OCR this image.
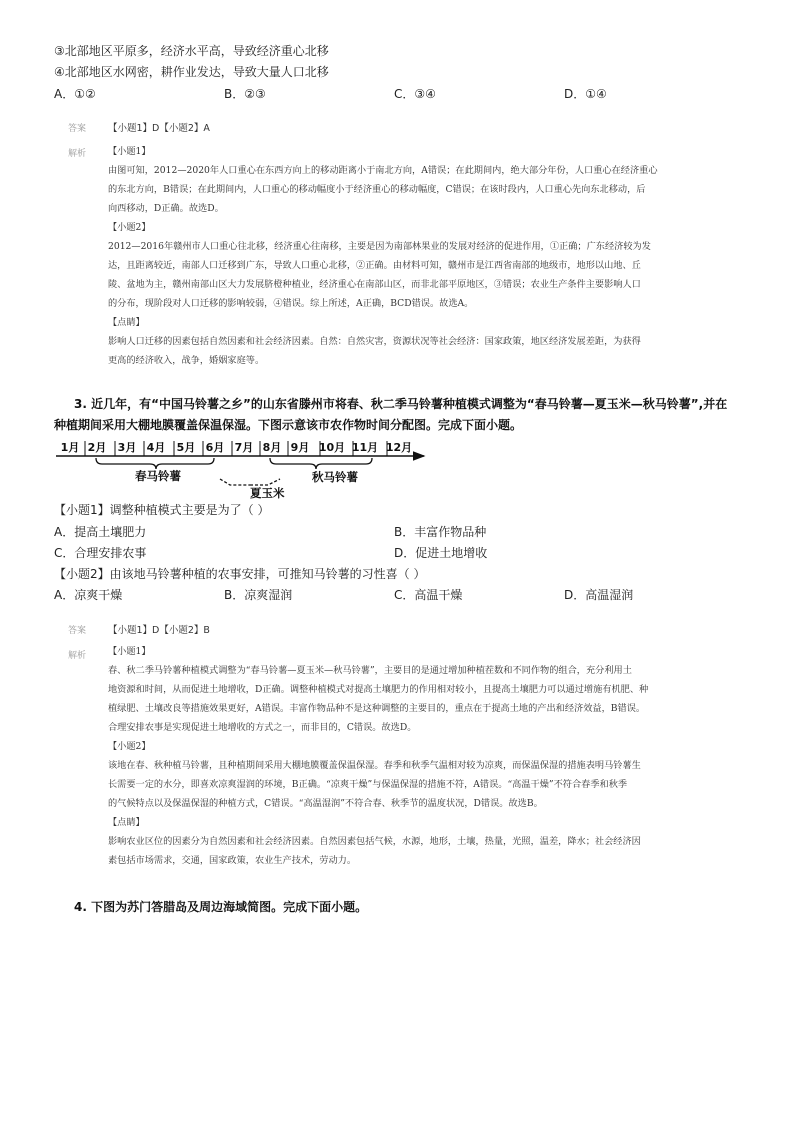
③北部地区平原多，经济水平高，导致经济重心北移
④北部地区水网密，耕作业发达，导致大量人口北移
A．①②	B．②③	C．③④	D．①④
答案 【小题1】D【小题2】A
解析 【小题1】

由图可知，2012—2020年人口重心在东西方向上的移动距离小于南北方向，A错误；在此期间内，绝大部分年份，人口重心在经济重心

的东北方向，B错误；在此期间内，人口重心的移动幅度小于经济重心的移动幅度，C错误；在该时段内，人口重心先向东北移动，后

向西移动，D正确。故选D。

【小题2】

2012—2016年赣州市人口重心往北移，经济重心往南移，主要是因为南部林果业的发展对经济的促进作用，①正确；广东经济较为发

达，且距离较近，南部人口迁移到广东，导致人口重心北移，②正确。由材料可知，赣州市是江西省南部的地级市，地形以山地、丘

陵、盆地为主，赣州南部山区大力发展脐橙种植业，经济重心在南部山区，而非北部平原地区，③错误；农业生产条件主要影响人口

的分布，现阶段对人口迁移的影响较弱，④错误。综上所述，A正确，BCD错误。故选A。

【点睛】

影响人口迁移的因素包括自然因素和社会经济因素。自然：自然灾害，资源状况等社会经济：国家政策，地区经济发展差距，为获得

更高的经济收入，战争，婚姻家庭等。

3. 近几年，有“中国马铃薯之乡”的山东省滕州市将春、秋二季马铃薯种植模式调整为“春马铃薯—夏玉米—秋马铃薯”,并在
种植期间采用大棚地膜覆盖保温保湿。下图示意该市农作物时间分配图。完成下面小题。
1月 2月 3月 4月 5月 6月 7月 8月 9月 10月 11月 12月
春马铃薯	秋马铃薯
夏玉米
【小题1】调整种植模式主要是为了（ ）
A．提高土壤肥力	B．丰富作物品种
C．合理安排农事	D．促进土地增收
【小题2】由该地马铃薯种植的农事安排，可推知马铃薯的习性喜（ ）
A．凉爽干燥	B．凉爽湿润	C．高温干燥	D．高温湿润
答案 【小题1】D【小题2】B
解析 【小题1】

春、秋二季马铃薯种植模式调整为“春马铃薯—夏玉米—秋马铃薯”，主要目的是通过增加种植茬数和不同作物的组合，充分利用土

地资源和时间，从而促进土地增收，D正确。调整种植模式对提高土壤肥力的作用相对较小，且提高土壤肥力可以通过增施有机肥、种

植绿肥、土壤改良等措施效果更好，A错误。丰富作物品种不是这种调整的主要目的，重点在于提高土地的产出和经济效益，B错误。

合理安排农事是实现促进土地增收的方式之一，而非目的，C错误。故选D。

【小题2】

该地在春、秋种植马铃薯，且种植期间采用大棚地膜覆盖保温保湿。春季和秋季气温相对较为凉爽，而保温保湿的措施表明马铃薯生

长需要一定的水分，即喜欢凉爽湿润的环境，B正确。“凉爽干燥”与保温保湿的措施不符，A错误。“高温干燥”不符合春季和秋季

的气候特点以及保温保湿的种植方式，C错误。“高温湿润”不符合春、秋季节的温度状况，D错误。故选B。

【点睛】

影响农业区位的因素分为自然因素和社会经济因素。自然因素包括气候，水源，地形，土壤，热量，光照，温差，降水；社会经济因

素包括市场需求，交通，国家政策，农业生产技术，劳动力。

4. 下图为苏门答腊岛及周边海域简图。完成下面小题。
